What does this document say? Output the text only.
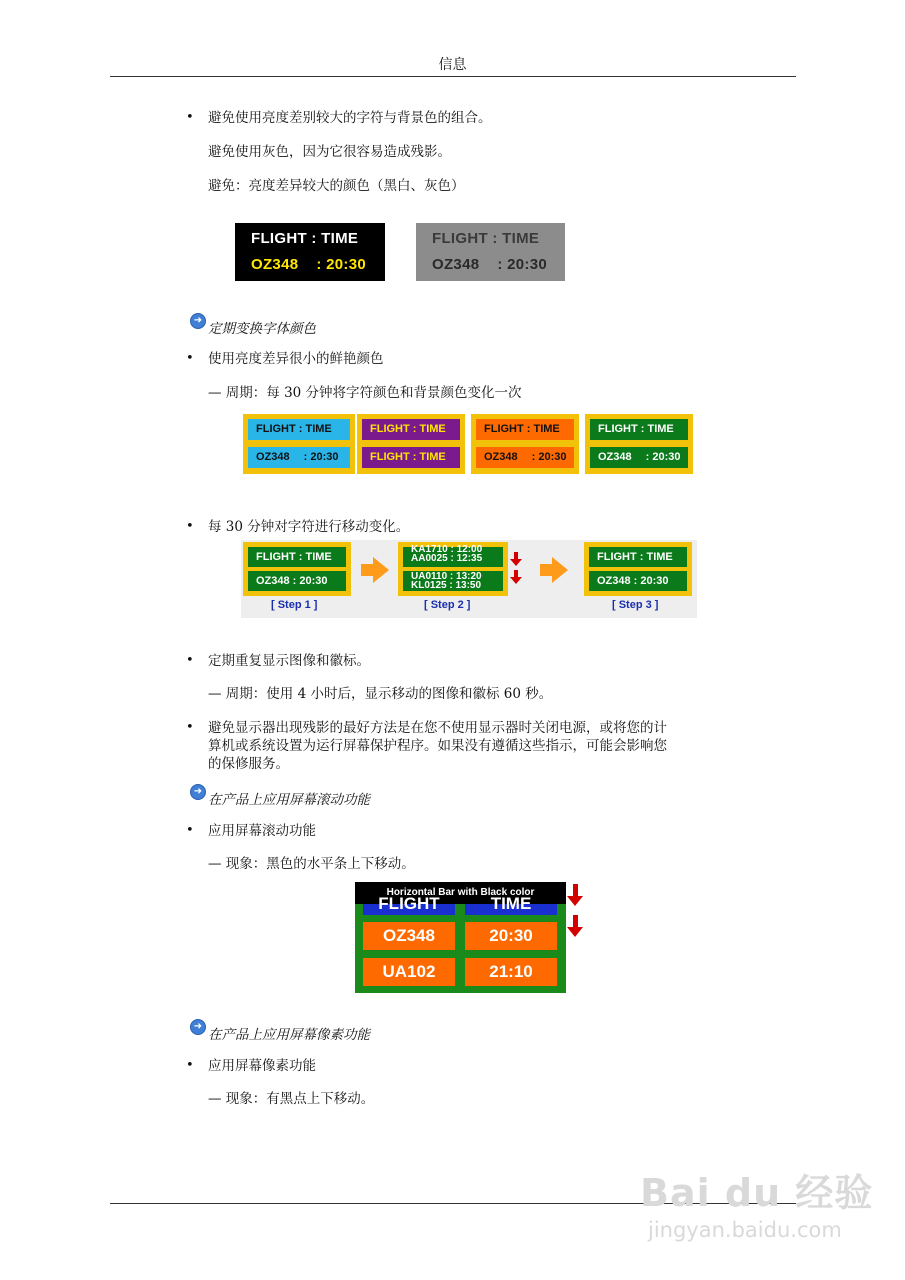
信息
• 避免使用亮度差别较大的字符与背景色的组合。
避免使用灰色，因为它很容易造成残影。
避免：亮度差异较大的颜色（黑白、灰色）
FLIGHT : TIME
OZ348 : 20:30
FLIGHT : TIME
OZ348 : 20:30
➜
定期变换字体颜色
• 使用亮度差异很小的鲜艳颜色
— 周期：每 30 分钟将字符颜色和背景颜色变化一次
FLIGHT : TIME
OZ348 : 20:30
FLIGHT : TIME
FLIGHT : TIME
FLIGHT : TIME
OZ348 : 20:30
FLIGHT : TIME
OZ348 : 20:30
• 每 30 分钟对字符进行移动变化。
FLIGHT : TIME
OZ348 : 20:30
KA1710 : 12:00
AA0025 : 12:35
UA0110 : 13:20
KL0125 : 13:50
FLIGHT : TIME
OZ348 : 20:30
[ Step 1 ]	[ Step 2 ]	[ Step 3 ]
• 定期重复显示图像和徽标。
— 周期：使用 4 小时后，显示移动的图像和徽标 60 秒。
• 避免显示器出现残影的最好方法是在您不使用显示器时关闭电源，或将您的计
算机或系统设置为运行屏幕保护程序。如果没有遵循这些指示，可能会影响您
的保修服务。
➜
在产品上应用屏幕滚动功能
• 应用屏幕滚动功能
— 现象：黑色的水平条上下移动。
Horizontal Bar with Black color
FLIGHT	TIME
OZ348	20:30
UA102	21:10
➜
在产品上应用屏幕像素功能
• 应用屏幕像素功能
— 现象：有黑点上下移动。
Bai du 经验
jingyan.baidu.com
